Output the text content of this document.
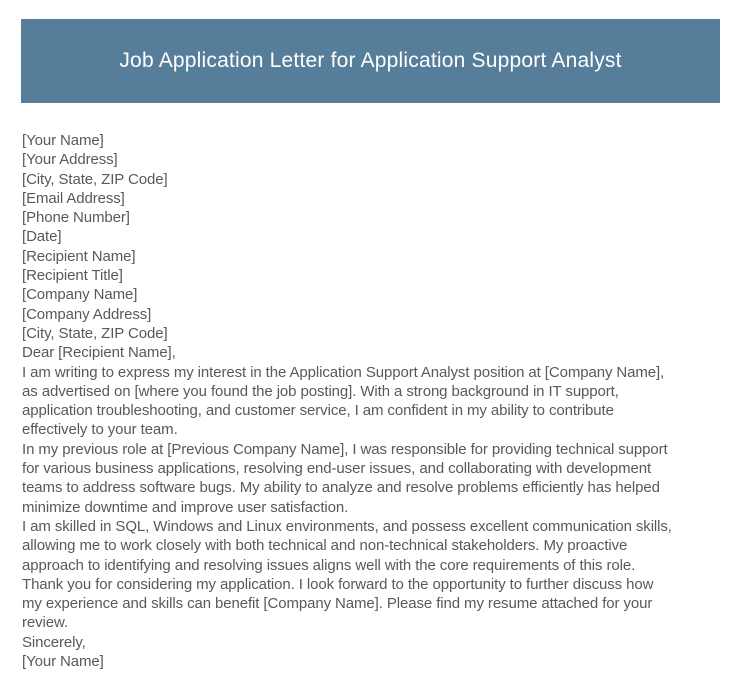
Job Application Letter for Application Support Analyst
[Your Name]
[Your Address]
[City, State, ZIP Code]
[Email Address]
[Phone Number]
[Date]
[Recipient Name]
[Recipient Title]
[Company Name]
[Company Address]
[City, State, ZIP Code]
Dear [Recipient Name],
I am writing to express my interest in the Application Support Analyst position at [Company Name],
as advertised on [where you found the job posting]. With a strong background in IT support,
application troubleshooting, and customer service, I am confident in my ability to contribute
effectively to your team.
In my previous role at [Previous Company Name], I was responsible for providing technical support
for various business applications, resolving end-user issues, and collaborating with development
teams to address software bugs. My ability to analyze and resolve problems efficiently has helped
minimize downtime and improve user satisfaction.
I am skilled in SQL, Windows and Linux environments, and possess excellent communication skills,
allowing me to work closely with both technical and non-technical stakeholders. My proactive
approach to identifying and resolving issues aligns well with the core requirements of this role.
Thank you for considering my application. I look forward to the opportunity to further discuss how
my experience and skills can benefit [Company Name]. Please find my resume attached for your
review.
Sincerely,
[Your Name]
